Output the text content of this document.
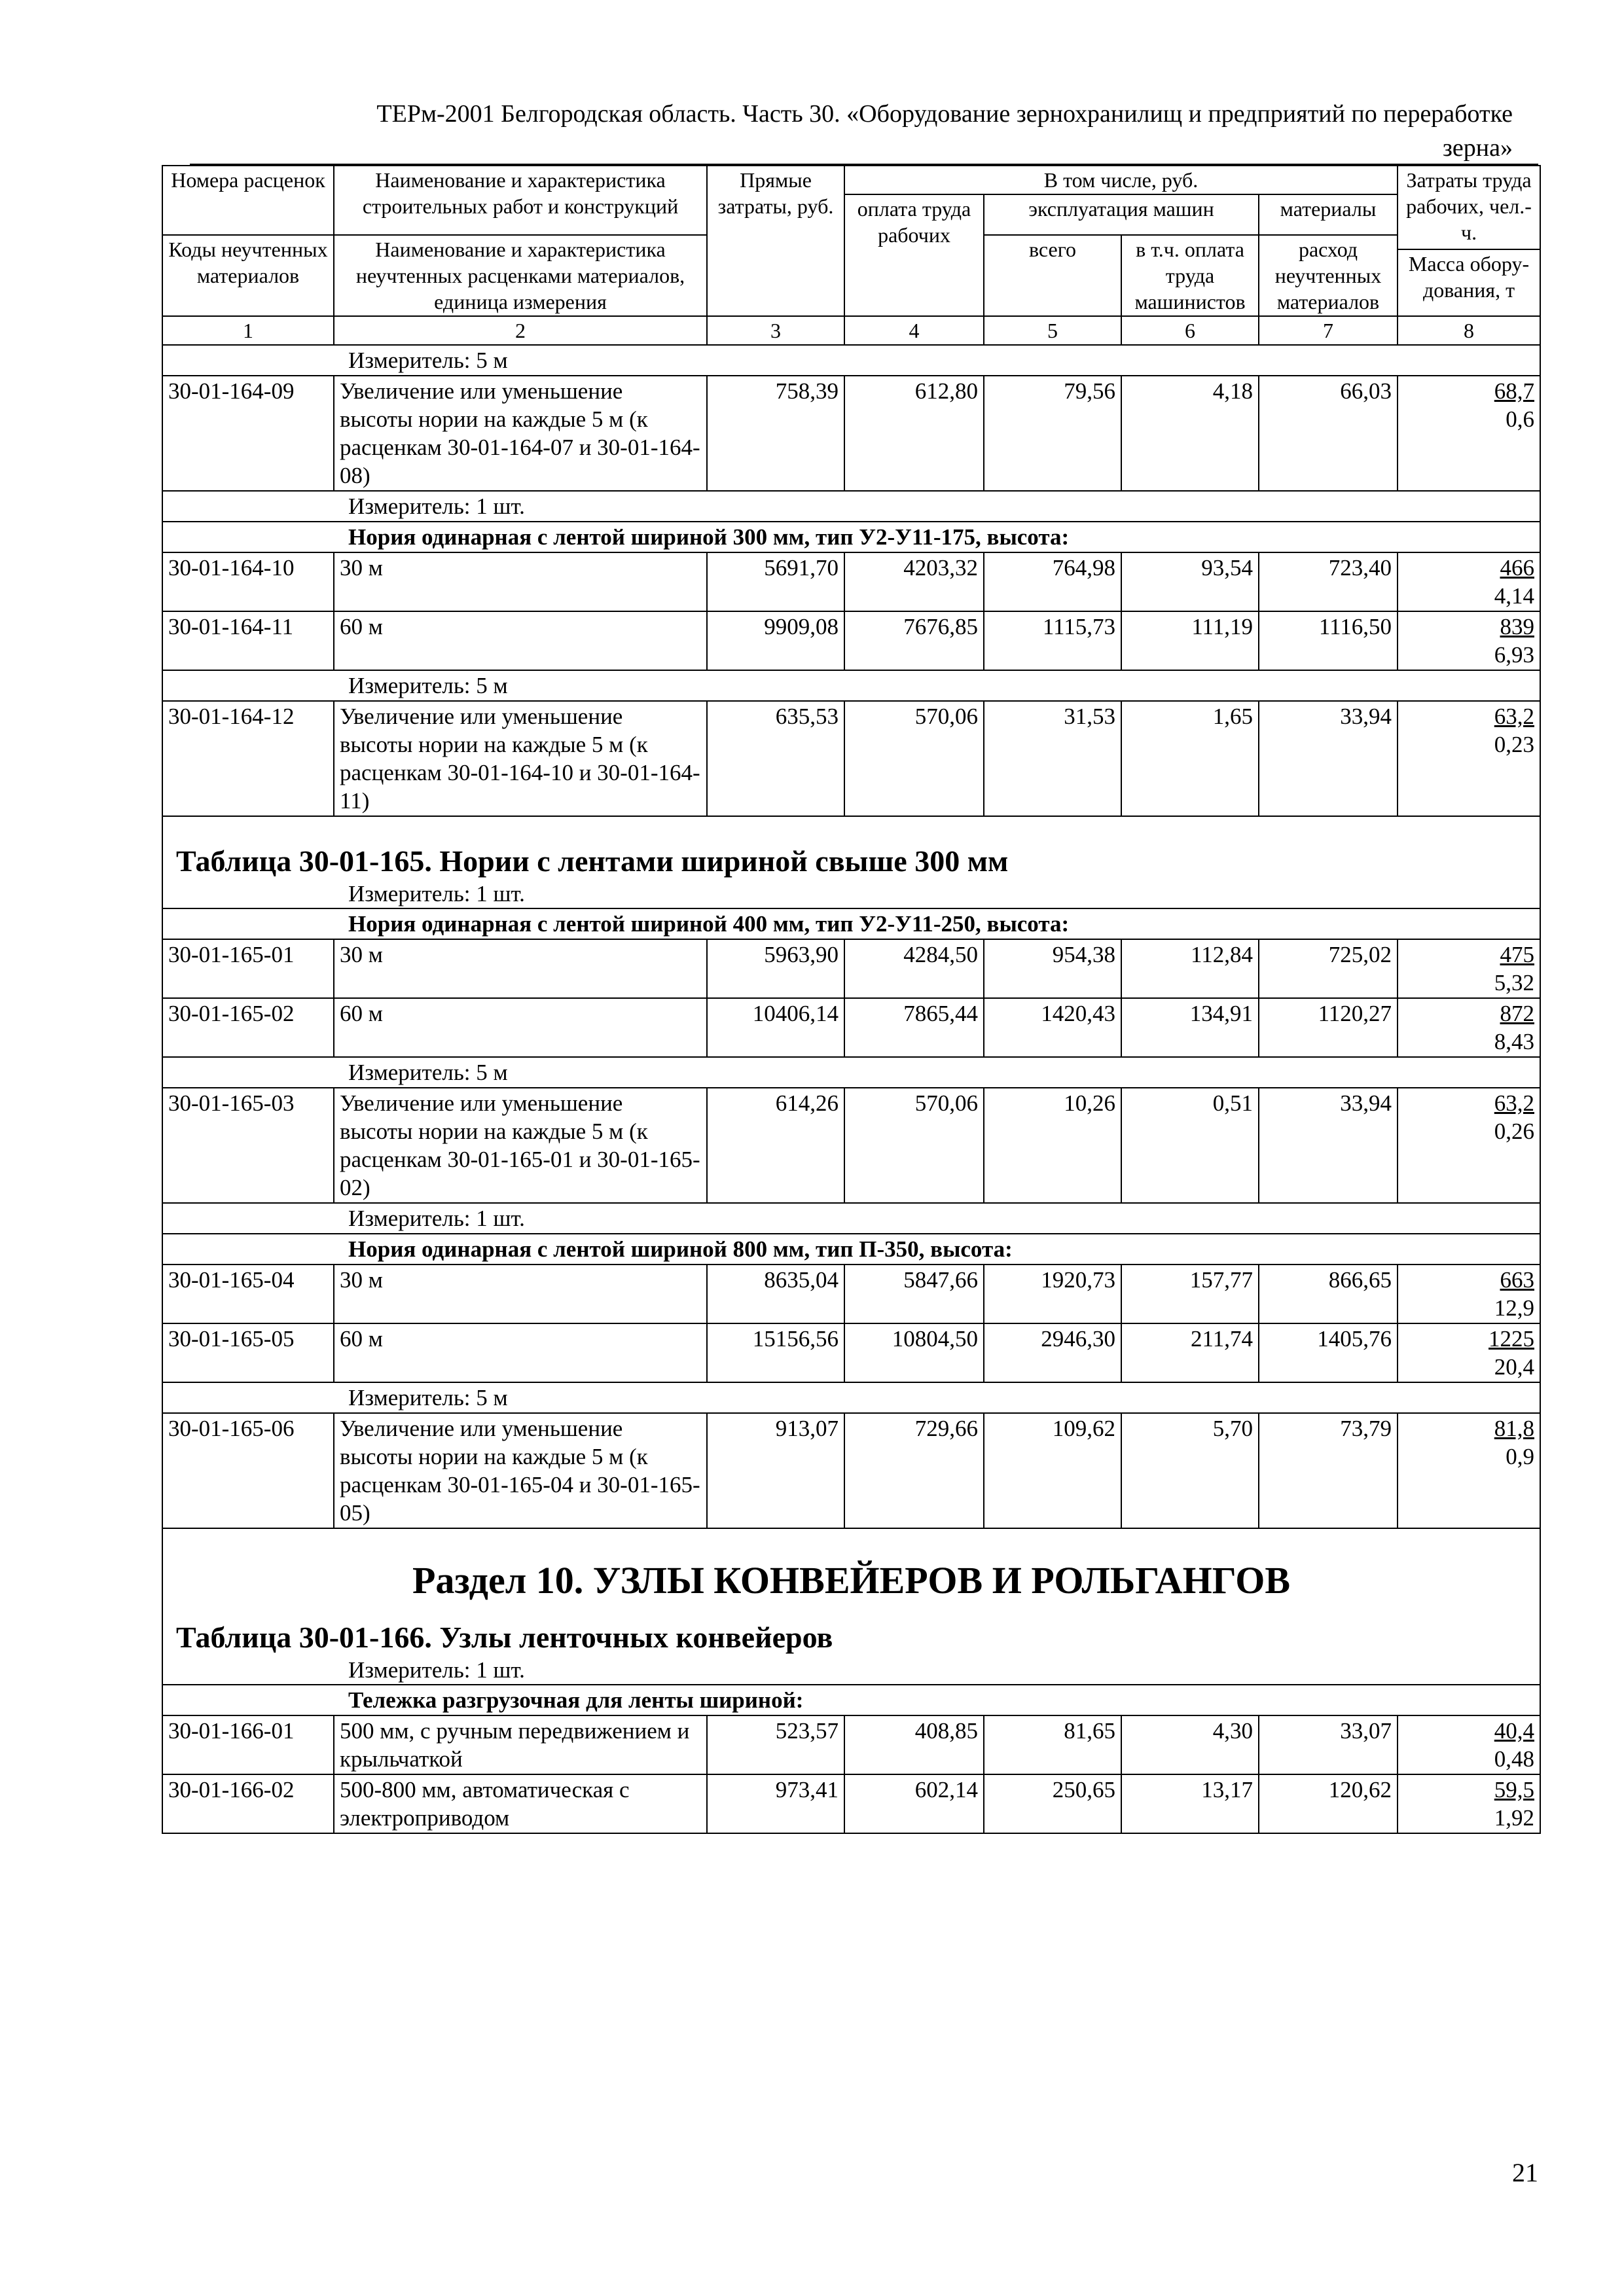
ТЕРм-2001 Белгородская область. Часть 30. «Оборудование зернохранилищ и предприятий по переработке
зерна»
Номера расценок	Наименование и характеристика строительных работ и конструкций	Прямые затраты, руб.	В том числе, руб.				Затраты труда рабочих, чел.-ч.
			оплата труда рабочих	эксплуатация машин		материалы	
Коды неучтенных материалов	Наименование и характеристика неучтенных расценками материалов, единица измерения			всего	в т.ч. оплата труда машинистов	расход неучтенных материалов	
							Масса обору-дования, т
1	2	3	4	5	6	7	8
Измеритель: 5 м							
30-01-164-09	Увеличение или уменьшение высоты нории на каждые 5 м (к расценкам 30-01-164-07 и 30-01-164-08)	758,39	612,80	79,56	4,18	66,03	68,7
0,6

Измеритель: 1 шт.							
Нория одинарная с лентой шириной 300 мм, тип У2-У11-175, высота:							
30-01-164-10	30 м	5691,70	4203,32	764,98	93,54	723,40	466
4,14

30-01-164-11	60 м	9909,08	7676,85	1115,73	111,19	1116,50	839
6,93

Измеритель: 5 м							
30-01-164-12	Увеличение или уменьшение высоты нории на каждые 5 м (к расценкам 30-01-164-10 и 30-01-164-11)	635,53	570,06	31,53	1,65	33,94	63,2
0,23

Таблица 30-01-165. Нории с лентами шириной свыше 300 мм
Измеритель: 1 шт.							

Нория одинарная с лентой шириной 400 мм, тип У2-У11-250, высота:							
30-01-165-01	30 м	5963,90	4284,50	954,38	112,84	725,02	475
5,32

30-01-165-02	60 м	10406,14	7865,44	1420,43	134,91	1120,27	872
8,43

Измеритель: 5 м							
30-01-165-03	Увеличение или уменьшение высоты нории на каждые 5 м (к расценкам 30-01-165-01 и 30-01-165-02)	614,26	570,06	10,26	0,51	33,94	63,2
0,26

Измеритель: 1 шт.							
Нория одинарная с лентой шириной 800 мм, тип П-350, высота:							
30-01-165-04	30 м	8635,04	5847,66	1920,73	157,77	866,65	663
12,9

30-01-165-05	60 м	15156,56	10804,50	2946,30	211,74	1405,76	1225
20,4

Измеритель: 5 м							
30-01-165-06	Увеличение или уменьшение высоты нории на каждые 5 м (к расценкам 30-01-165-04 и 30-01-165-05)	913,07	729,66	109,62	5,70	73,79	81,8
0,9

Раздел 10. УЗЛЫ КОНВЕЙЕРОВ И РОЛЬГАНГОВ
Таблица 30-01-166. Узлы ленточных конвейеров
Измеритель: 1 шт.							

Тележка разгрузочная для ленты шириной:							
30-01-166-01	500 мм, с ручным передвижением и крыльчаткой	523,57	408,85	81,65	4,30	33,07	40,4
0,48

30-01-166-02	500-800 мм, автоматическая с электроприводом	973,41	602,14	250,65	13,17	120,62	59,5
1,92
21
